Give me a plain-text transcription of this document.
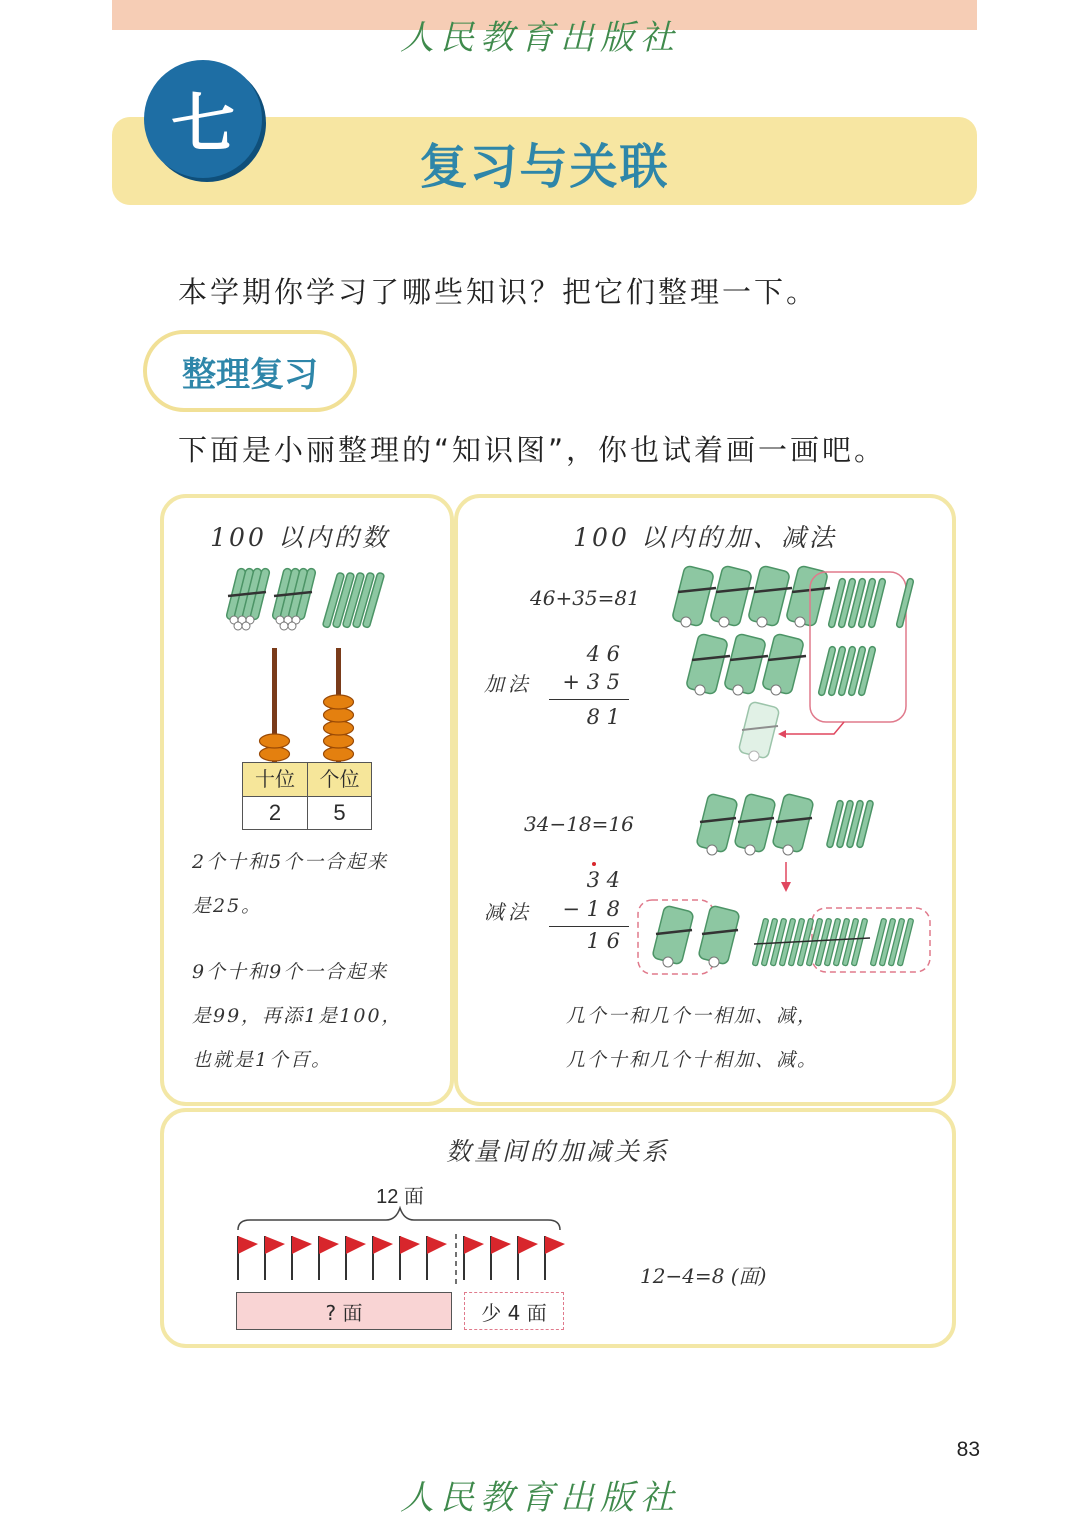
人民教育出版社
复习与关联
七
本学期你学习了哪些知识？把它们整理一下。
整理复习
下面是小丽整理的“知识图”，你也试着画一画吧。
100 以内的数
十位	个位
2	5
2个十和5个一合起来
是25。
9个十和9个一合起来
是99，再添1是100，
也就是1个百。
100 以内的加、减法
46+35=81
加法
4 6
+ 3 5
8 1
34−18=16
减法
3 4
− 1 8
1 6
几个一和几个一相加、减，
几个十和几个十相加、减。
数量间的加减关系
12 面
? 面	少 4 面
12−4=8 (面)
83
人民教育出版社
